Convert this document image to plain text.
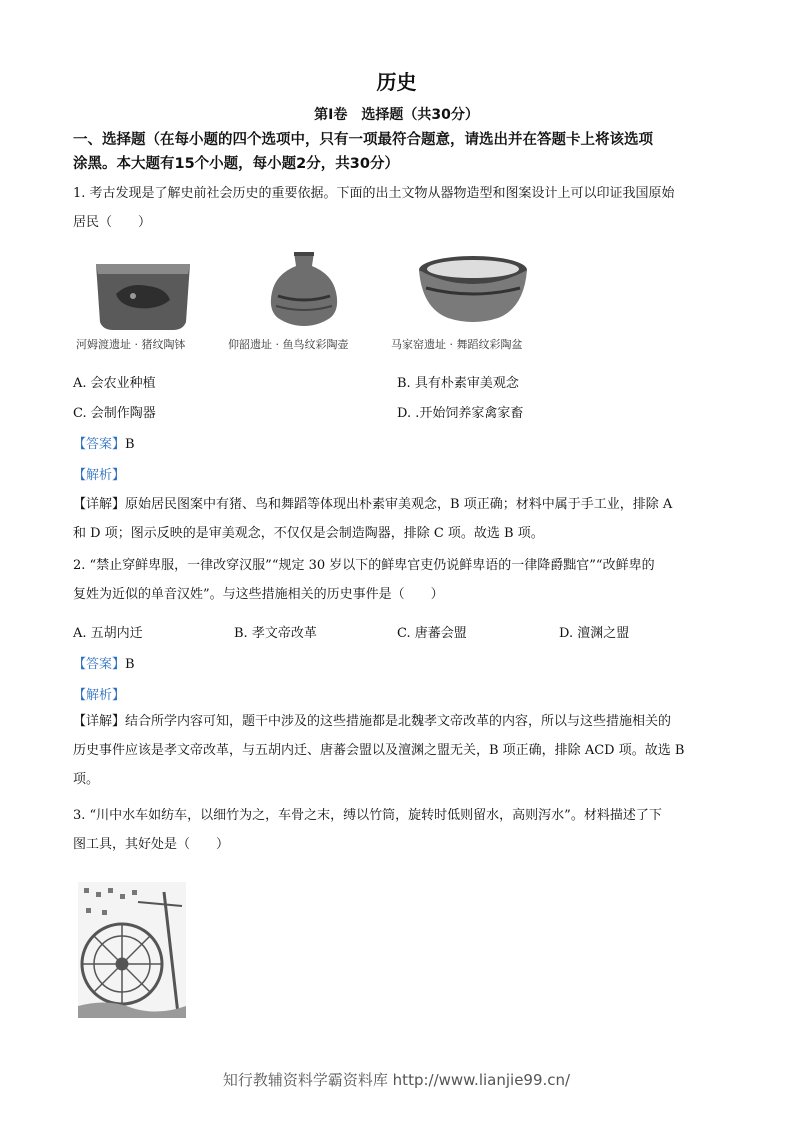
历史
第Ⅰ卷　选择题（共30分）
一、选择题（在每小题的四个选项中，只有一项最符合题意，请选出并在答题卡上将该选项
涂黑。本大题有15个小题，每小题2分，共30分）
1. 考古发现是了解史前社会历史的重要依据。下面的出土文物从器物造型和图案设计上可以印证我国原始
居民（　　）
河姆渡遗址 · 猪纹陶钵	仰韶遗址 · 鱼鸟纹彩陶壶	马家窑遗址 · 舞蹈纹彩陶盆
A. 会农业种植	B. 具有朴素审美观念
C. 会制作陶器	D. .开始饲养家禽家畜
【答案】B
【解析】
【详解】原始居民图案中有猪、鸟和舞蹈等体现出朴素审美观念，B 项正确；材料中属于手工业，排除 A
和 D 项；图示反映的是审美观念，不仅仅是会制造陶器，排除 C 项。故选 B 项。
2. “禁止穿鲜卑服，一律改穿汉服”“规定 30 岁以下的鲜卑官吏仍说鲜卑语的一律降爵黜官”“改鲜卑的
复姓为近似的单音汉姓”。与这些措施相关的历史事件是（　　）
A. 五胡内迁	B. 孝文帝改革	C. 唐蕃会盟	D. 澶渊之盟
【答案】B
【解析】
【详解】结合所学内容可知，题干中涉及的这些措施都是北魏孝文帝改革的内容，所以与这些措施相关的
历史事件应该是孝文帝改革，与五胡内迁、唐蕃会盟以及澶渊之盟无关，B 项正确，排除 ACD 项。故选 B
项。
3. “川中水车如纺车，以细竹为之，车骨之末，缚以竹筒，旋转时低则留水，高则泻水”。材料描述了下
图工具，其好处是（　　）
知行教辅资料学霸资料库 http://www.lianjie99.cn/
